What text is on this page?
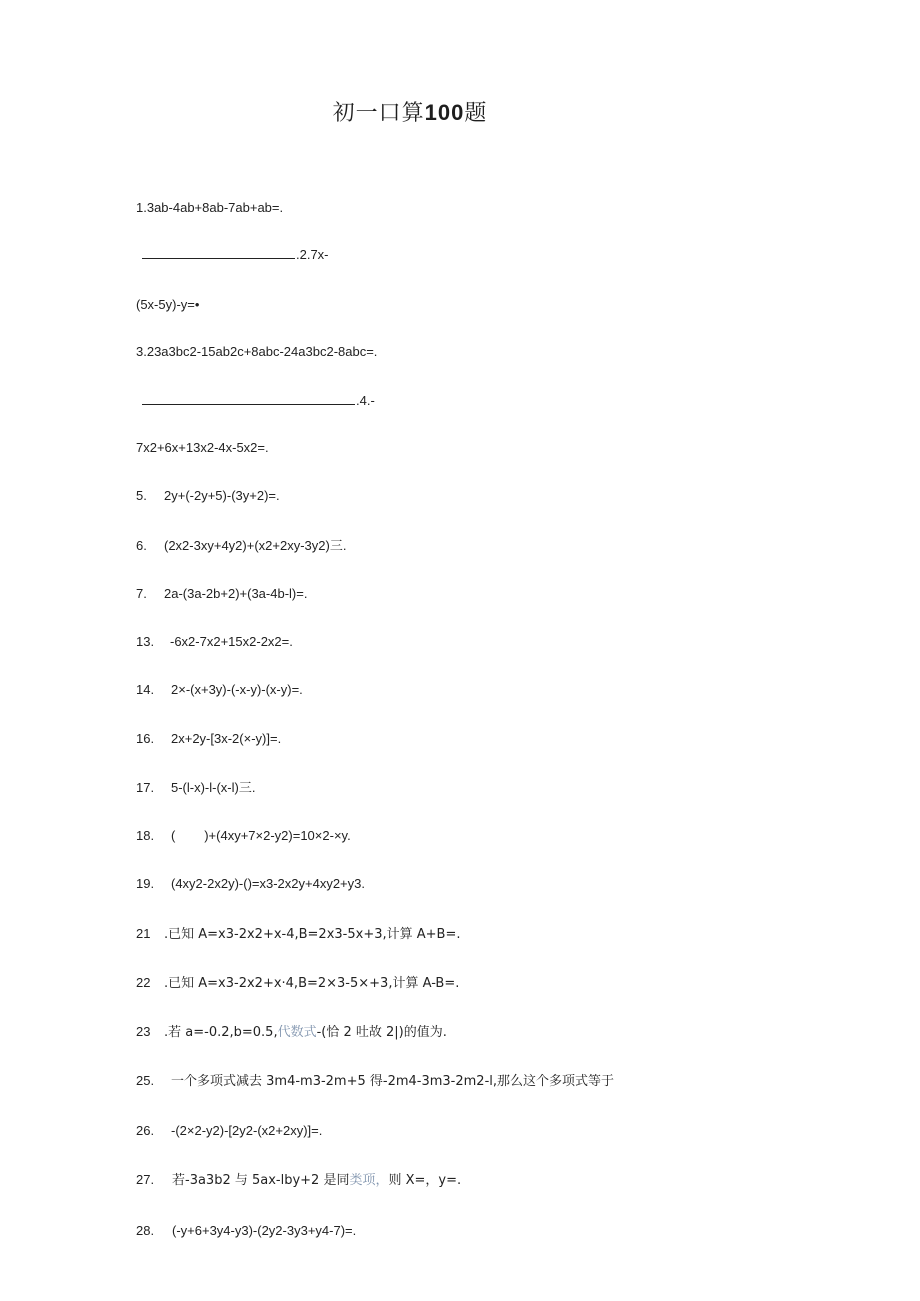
初一口算100题
1.3ab-4ab+8ab-7ab+ab=.
.2.7x-
(5x-5y)-y=•
3.23a3bc2-15ab2c+8abc-24a3bc2-8abc=.
.4.-
7x2+6x+13x2-4x-5x2=.
5. 2y+(-2y+5)-(3y+2)=.
6. (2x2-3xy+4y2)+(x2+2xy-3y2)三.
7. 2a-(3a-2b+2)+(3a-4b-l)=.
13. -6x2-7x2+15x2-2x2=.
14. 2×-(x+3y)-(-x-y)-(x-y)=.
16. 2x+2y-[3x-2(×-y)]=.
17. 5-(l-x)-l-(x-l)三.
18. (        )+(4xy+7×2-y2)=10×2-×y.
19. (4xy2-2x2y)-()=x3-2x2y+4xy2+y3.
21 .已知 A=x3-2x2+x-4,B=2x3-5x+3,计算 A+B=.
22 .已知 A=x3-2x2+x·4,B=2×3-5×+3,计算 A-B=.
23 .若 a=-0.2,b=0.5,代数式-(恰 2 吐故 2|)的值为.
25. 一个多项式减去 3m4-m3-2m+5 得-2m4-3m3-2m2-l,那么这个多项式等于
26. -(2×2-y2)-[2y2-(x2+2xy)]=.
27. 若-3a3b2 与 5ax-lby+2 是同类项，则 X=，y=.
28. (-y+6+3y4-y3)-(2y2-3y3+y4-7)=.
